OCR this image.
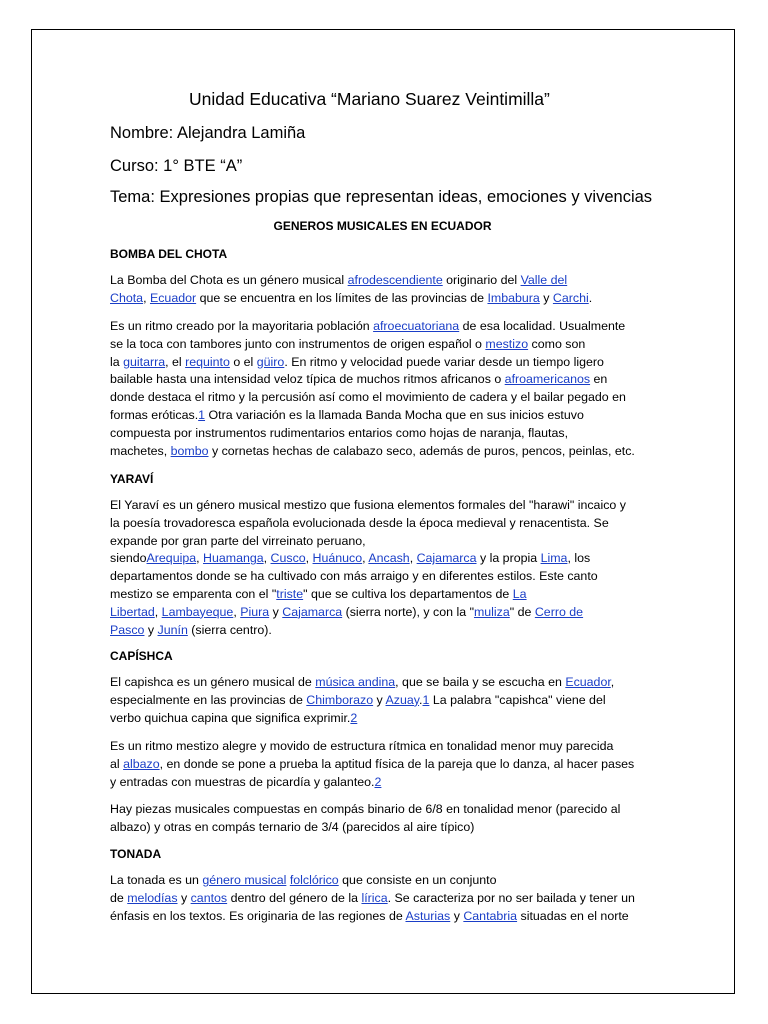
Unidad Educativa “Mariano Suarez Veintimilla”
Nombre: Alejandra Lamiña
Curso: 1° BTE “A”
Tema: Expresiones propias que representan ideas, emociones y vivencias
GENEROS MUSICALES EN ECUADOR
BOMBA DEL CHOTA
La Bomba del Chota es un género musical afrodescendiente originario del Valle del
Chota, Ecuador que se encuentra en los límites de las provincias de Imbabura y Carchi.
Es un ritmo creado por la mayoritaria población afroecuatoriana de esa localidad. Usualmente
se la toca con tambores junto con instrumentos de origen español o mestizo como son
la guitarra, el requinto o el güiro. En ritmo y velocidad puede variar desde un tiempo ligero
bailable hasta una intensidad veloz típica de muchos ritmos africanos o afroamericanos en
donde destaca el ritmo y la percusión así como el movimiento de cadera y el bailar pegado en
formas eróticas.1 Otra variación es la llamada Banda Mocha que en sus inicios estuvo
compuesta por instrumentos rudimentarios entarios como hojas de naranja, flautas,
machetes, bombo y cornetas hechas de calabazo seco, además de puros, pencos, peinlas, etc.
YARAVÍ
El Yaraví es un género musical mestizo que fusiona elementos formales del "harawi" incaico y
la poesía trovadoresca española evolucionada desde la época medieval y renacentista. Se
expande por gran parte del virreinato peruano,
siendoArequipa, Huamanga, Cusco, Huánuco, Ancash, Cajamarca y la propia Lima, los
departamentos donde se ha cultivado con más arraigo y en diferentes estilos. Este canto
mestizo se emparenta con el "triste" que se cultiva los departamentos de La
Libertad, Lambayeque, Piura y Cajamarca (sierra norte), y con la "muliza" de Cerro de
Pasco y Junín (sierra centro).
CAPÍSHCA
El capishca es un género musical de música andina, que se baila y se escucha en Ecuador,
especialmente en las provincias de Chimborazo y Azuay.1 La palabra "capishca" viene del
verbo quichua capina que significa exprimir.2
Es un ritmo mestizo alegre y movido de estructura rítmica en tonalidad menor muy parecida
al albazo, en donde se pone a prueba la aptitud física de la pareja que lo danza, al hacer pases
y entradas con muestras de picardía y galanteo.2
Hay piezas musicales compuestas en compás binario de 6/8 en tonalidad menor (parecido al
albazo) y otras en compás ternario de 3/4 (parecidos al aire típico)
TONADA
La tonada es un género musical folclórico que consiste en un conjunto
de melodías y cantos dentro del género de la lírica. Se caracteriza por no ser bailada y tener un
énfasis en los textos. Es originaria de las regiones de Asturias y Cantabria situadas en el norte
